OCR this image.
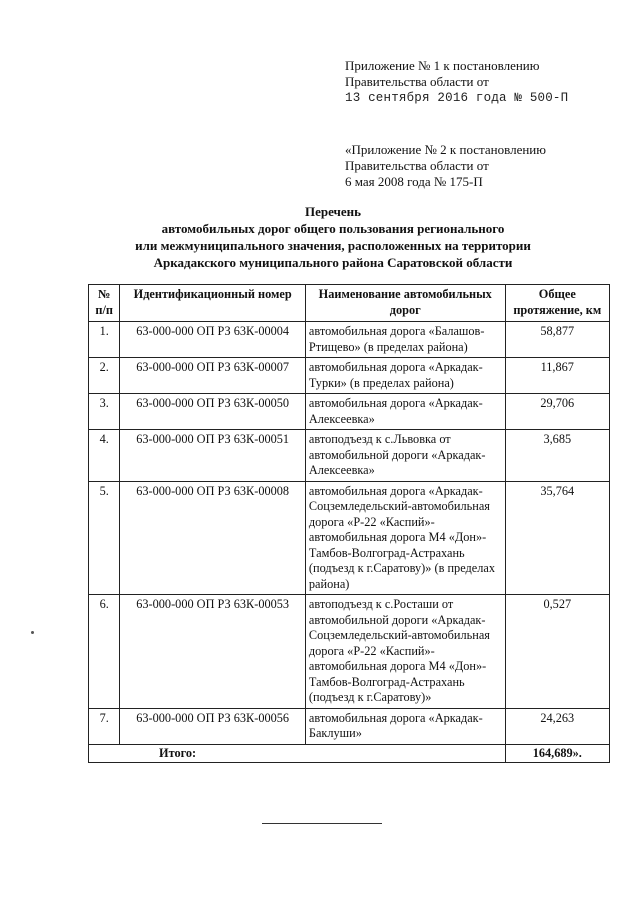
Приложение № 1 к постановлению
Правительства области от
13 сентября 2016 года № 500-П
«Приложение № 2 к постановлению
Правительства области от
6 мая 2008 года № 175-П
Перечень
автомобильных дорог общего пользования регионального
или межмуниципального значения, расположенных на территории
Аркадакского муниципального района Саратовской области
№ п/п	Идентификационный номер	Наименование автомобильных дорог	Общее протяжение, км
1.	63-000-000 ОП РЗ 63К-00004	автомобильная дорога «Балашов-Ртищево» (в пределах района)	58,877
2.	63-000-000 ОП РЗ 63К-00007	автомобильная дорога «Аркадак-Турки» (в пределах района)	11,867
3.	63-000-000 ОП РЗ 63К-00050	автомобильная дорога «Аркадак-Алексеевка»	29,706
4.	63-000-000 ОП РЗ 63К-00051	автоподъезд к с.Львовка от автомобильной дороги «Аркадак-Алексеевка»	3,685
5.	63-000-000 ОП РЗ 63К-00008	автомобильная дорога «Аркадак-Соцземледельский-автомобильная дорога «Р-22 «Каспий»-автомобильная дорога М4 «Дон»-Тамбов-Волгоград-Астрахань (подъезд к г.Саратову)» (в пределах района)	35,764
6.	63-000-000 ОП РЗ 63К-00053	автоподъезд к с.Росташи от автомобильной дороги «Аркадак-Соцземледельский-автомобильная дорога «Р-22 «Каспий»-автомобильная дорога М4 «Дон»-Тамбов-Волгоград-Астрахань (подъезд к г.Саратову)»	0,527
7.	63-000-000 ОП РЗ 63К-00056	автомобильная дорога «Аркадак-Баклуши»	24,263
Итого:			164,689».
